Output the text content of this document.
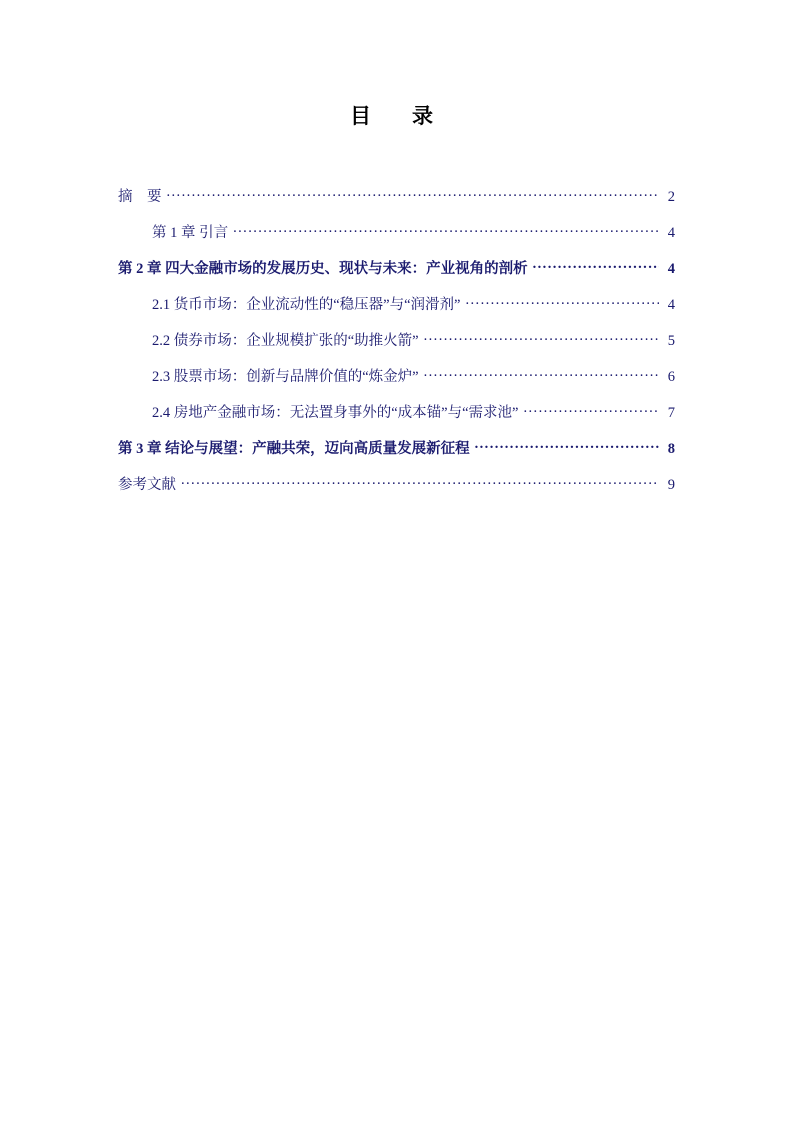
目　录
摘　要 .....	2
第 1 章 引言 .....	4
第 2 章 四大金融市场的发展历史、现状与未来：产业视角的剖析 .....	4
2.1 货币市场：企业流动性的“稳压器”与“润滑剂” .....	4
2.2 债券市场：企业规模扩张的“助推火箭” .....	5
2.3 股票市场：创新与品牌价值的“炼金炉” .....	6
2.4 房地产金融市场：无法置身事外的“成本锚”与“需求池” .....	7
第 3 章 结论与展望：产融共荣，迈向高质量发展新征程 .....	8
参考文献 .....	9
